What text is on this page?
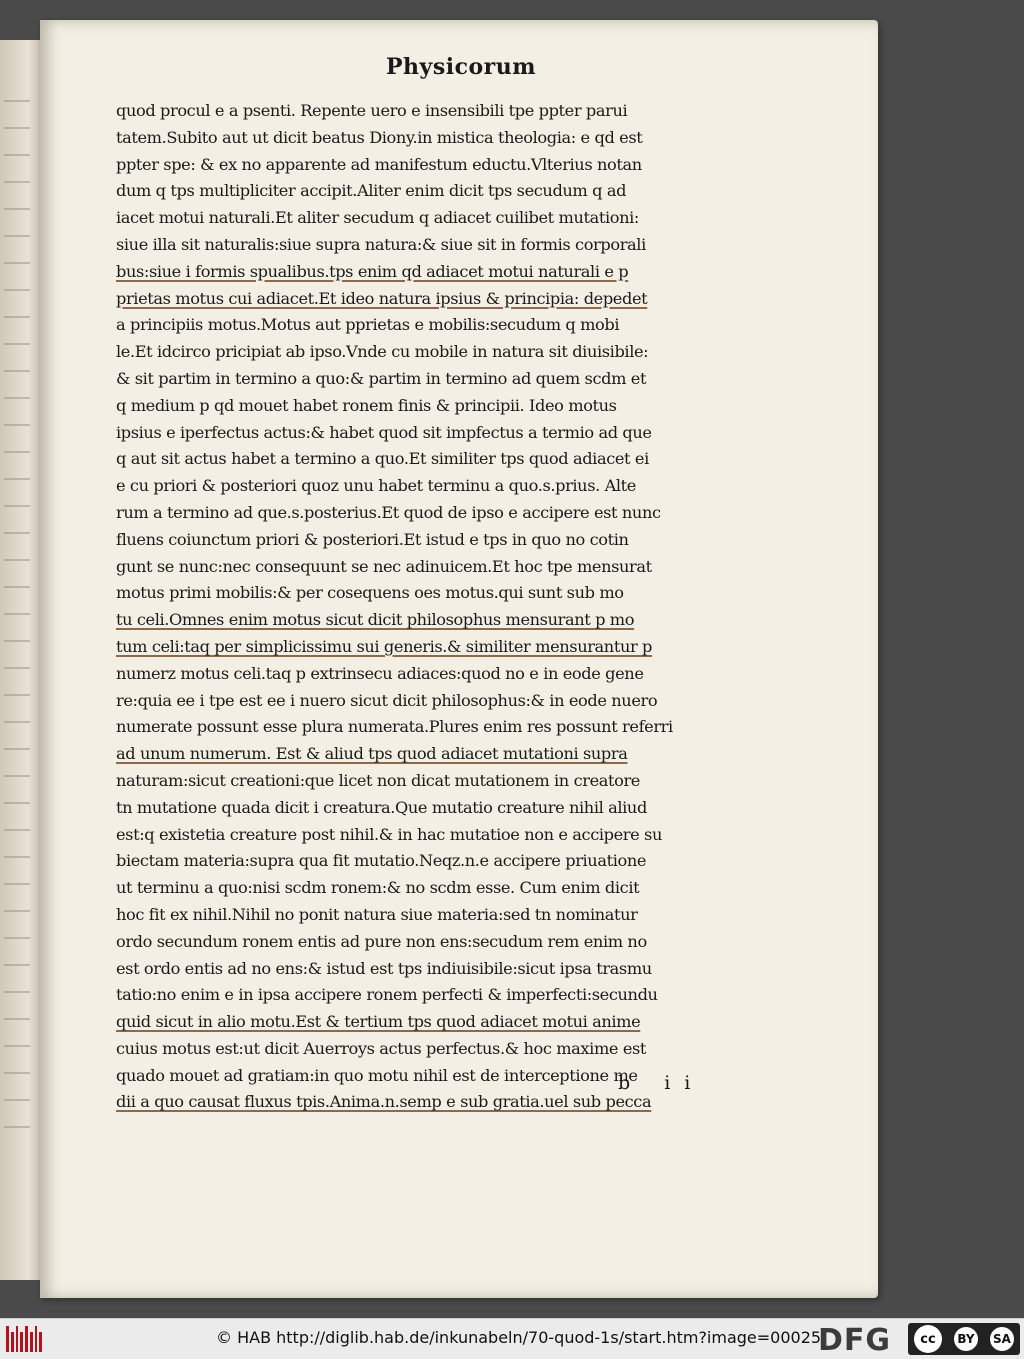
Physicorum
quod procul e a psenti. Repente uero e insensibili tpe ppter parui
tatem.Subito aut ut dicit beatus Diony.in mistica theologia: e qd est
ppter spe: & ex no apparente ad manifestum eductu.Vlterius notan
dum q tps multipliciter accipit.Aliter enim dicit tps secudum q ad
iacet motui naturali.Et aliter secudum q adiacet cuilibet mutationi:
siue illa sit naturalis:siue supra natura:& siue sit in formis corporali
bus:siue i formis spualibus.tps enim qd adiacet motui naturali e p
prietas motus cui adiacet.Et ideo natura ipsius & principia: depedet
a principiis motus.Motus aut pprietas e mobilis:secudum q mobi
le.Et idcirco pricipiat ab ipso.Vnde cu mobile in natura sit diuisibile:
& sit partim in termino a quo:& partim in termino ad quem scdm et
q medium p qd mouet habet ronem finis & principii. Ideo motus
ipsius e iperfectus actus:& habet quod sit impfectus a termio ad que
q aut sit actus habet a termino a quo.Et similiter tps quod adiacet ei
e cu priori & posteriori quoz unu habet terminu a quo.s.prius. Alte
rum a termino ad que.s.posterius.Et quod de ipso e accipere est nunc
fluens coiunctum priori & posteriori.Et istud e tps in quo no cotin
gunt se nunc:nec consequunt se nec adinuicem.Et hoc tpe mensurat
motus primi mobilis:& per cosequens oes motus.qui sunt sub mo
tu celi.Omnes enim motus sicut dicit philosophus mensurant p mo
tum celi:taq per simplicissimu sui generis.& similiter mensurantur p
numerz motus celi.taq p extrinsecu adiaces:quod no e in eode gene
re:quia ee i tpe est ee i nuero sicut dicit philosophus:& in eode nuero
numerate possunt esse plura numerata.Plures enim res possunt referri
ad unum numerum. Est & aliud tps quod adiacet mutationi supra
naturam:sicut creationi:que licet non dicat mutationem in creatore
tn mutatione quada dicit i creatura.Que mutatio creature nihil aliud
est:q existetia creature post nihil.& in hac mutatioe non e accipere su
biectam materia:supra qua fit mutatio.Neqz.n.e accipere priuatione
ut terminu a quo:nisi scdm ronem:& no scdm esse. Cum enim dicit
hoc fit ex nihil.Nihil no ponit natura siue materia:sed tn nominatur
ordo secundum ronem entis ad pure non ens:secudum rem enim no
est ordo entis ad no ens:& istud est tps indiuisibile:sicut ipsa trasmu
tatio:no enim e in ipsa accipere ronem perfecti & imperfecti:secundu
quid sicut in alio motu.Est & tertium tps quod adiacet motui anime
cuius motus est:ut dicit Auerroys actus perfectus.& hoc maxime est
quado mouet ad gratiam:in quo motu nihil est de interceptione me
dii a quo causat fluxus tpis.Anima.n.semp e sub gratia.uel sub pecca
b ii
© HAB http://diglib.hab.de/inkunabeln/70-quod-1s/start.htm?image=00025
DFG	cc	BY SA
